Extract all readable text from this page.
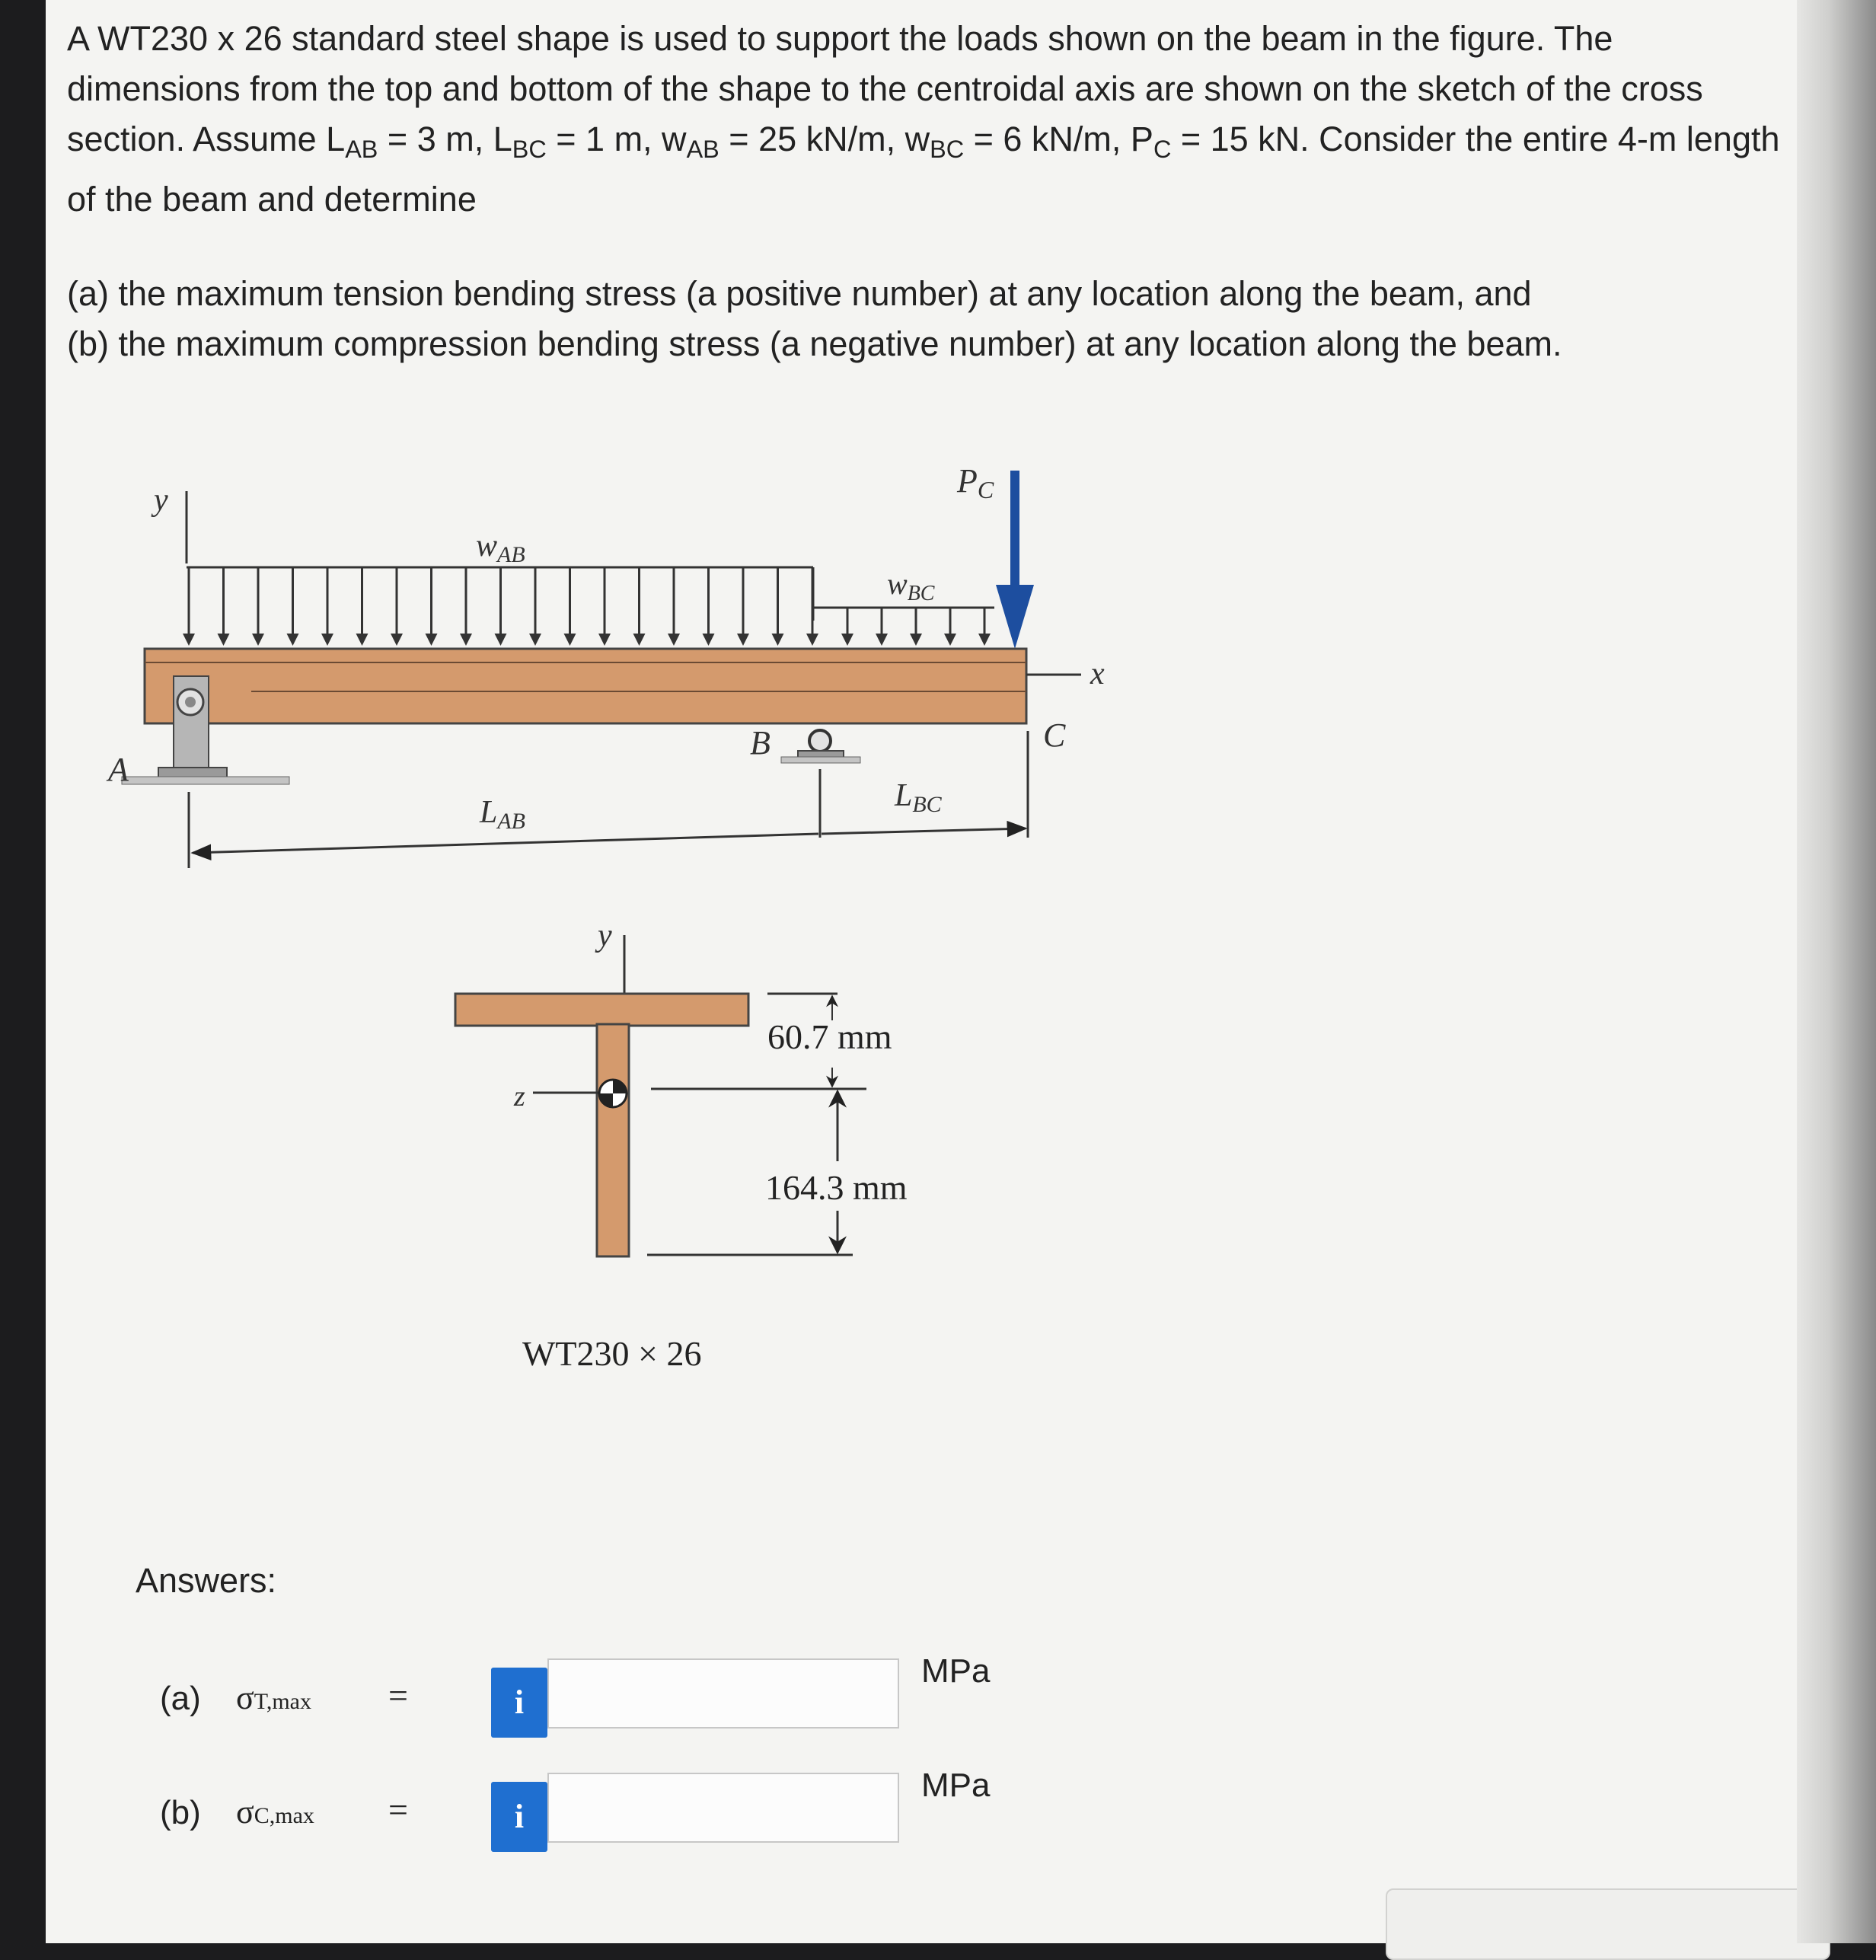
A WT230 x 26 standard steel shape is used to support the loads shown on the beam in the figure. The dimensions from the top and bottom of the shape to the centroidal axis are shown on the sketch of the cross section. Assume $L_{AB} = 3$ m, $L_{BC} = 1$ m, $w_{AB} = 25$ kN/m, $w_{BC} = 6$ kN/m, $P_C = 15$ kN. Consider the entire 4-m length of the beam and determine

(a) the maximum tension bending stress (a positive number) at any location along the beam, and

(b) the maximum compression bending stress (a negative number) at any location along the beam.

y
wAB
$w_{BC}$
PC
x
A
B	C
LAB
LBC
y
z
60.7 mm
164.3 mm
WT230 × 26
Answers:
(a) σT,max =	i
MPa
(b) σC,max =	i
MPa
